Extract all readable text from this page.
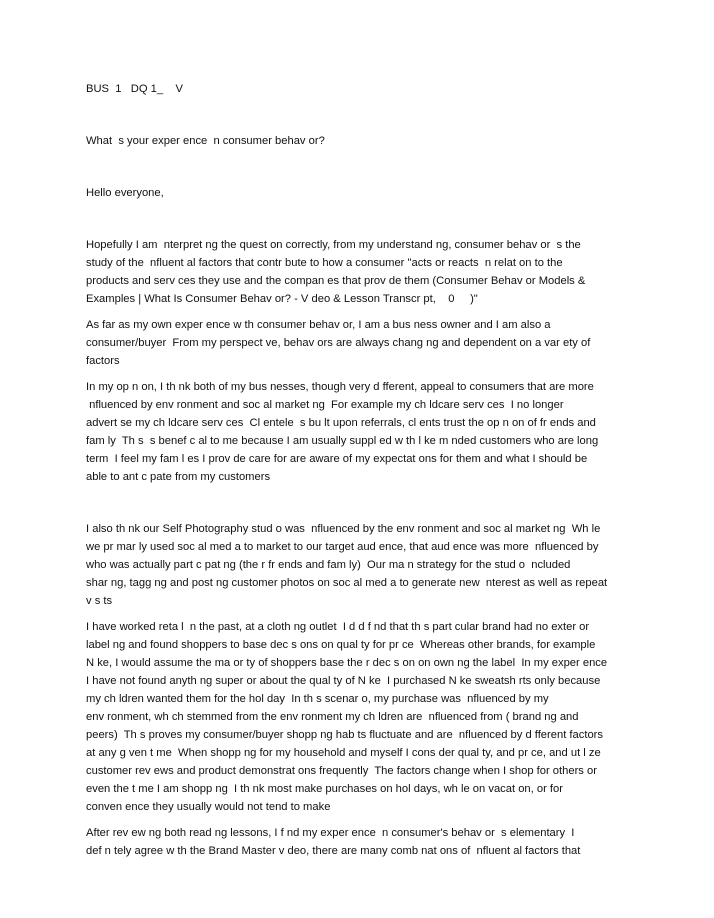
BUS  1   DQ 1_    V

What  s your exper ence  n consumer behav or?

Hello everyone,

Hopefully I am  nterpret ng the quest on correctly, from my understand ng, consumer behav or  s the

study of the  nfluent al factors that contr bute to how a consumer "acts or reacts  n relat on to the

products and serv ces they use and the compan es that prov de them (Consumer Behav or Models &

Examples | What Is Consumer Behav or? - V deo & Lesson Transcr pt,    0     )"

As far as my own exper ence w th consumer behav or, I am a bus ness owner and I am also a

consumer/buyer  From my perspect ve, behav ors are always chang ng and dependent on a var ety of

factors

In my op n on, I th nk both of my bus nesses, though very d fferent, appeal to consumers that are more

nfluenced by env ronment and soc al market ng  For example my ch ldcare serv ces  I no longer

advert se my ch ldcare serv ces  Cl entele  s bu lt upon referrals, cl ents trust the op n on of fr ends and

fam ly  Th s  s benef c al to me because I am usually suppl ed w th l ke m nded customers who are long

term  I feel my fam l es I prov de care for are aware of my expectat ons for them and what I should be

able to ant c pate from my customers

I also th nk our Self Photography stud o was  nfluenced by the env ronment and soc al market ng  Wh le

we pr mar ly used soc al med a to market to our target aud ence, that aud ence was more  nfluenced by

who was actually part c pat ng (the r fr ends and fam ly)  Our ma n strategy for the stud o  ncluded

shar ng, tagg ng and post ng customer photos on soc al med a to generate new  nterest as well as repeat

v s ts

I have worked reta l  n the past, at a cloth ng outlet  I d d f nd that th s part cular brand had no exter or

label ng and found shoppers to base dec s ons on qual ty for pr ce  Whereas other brands, for example

N ke, I would assume the ma or ty of shoppers base the r dec s on on own ng the label  In my exper ence

I have not found anyth ng super or about the qual ty of N ke  I purchased N ke sweatsh rts only because

my ch ldren wanted them for the hol day  In th s scenar o, my purchase was  nfluenced by my

env ronment, wh ch stemmed from the env ronment my ch ldren are  nfluenced from ( brand ng and

peers)  Th s proves my consumer/buyer shopp ng hab ts fluctuate and are  nfluenced by d fferent factors

at any g ven t me  When shopp ng for my household and myself I cons der qual ty, and pr ce, and ut l ze

customer rev ews and product demonstrat ons frequently  The factors change when I shop for others or

even the t me I am shopp ng  I th nk most make purchases on hol days, wh le on vacat on, or for

conven ence they usually would not tend to make

After rev ew ng both read ng lessons, I f nd my exper ence  n consumer's behav or  s elementary  I

def n tely agree w th the Brand Master v deo, there are many comb nat ons of  nfluent al factors that
